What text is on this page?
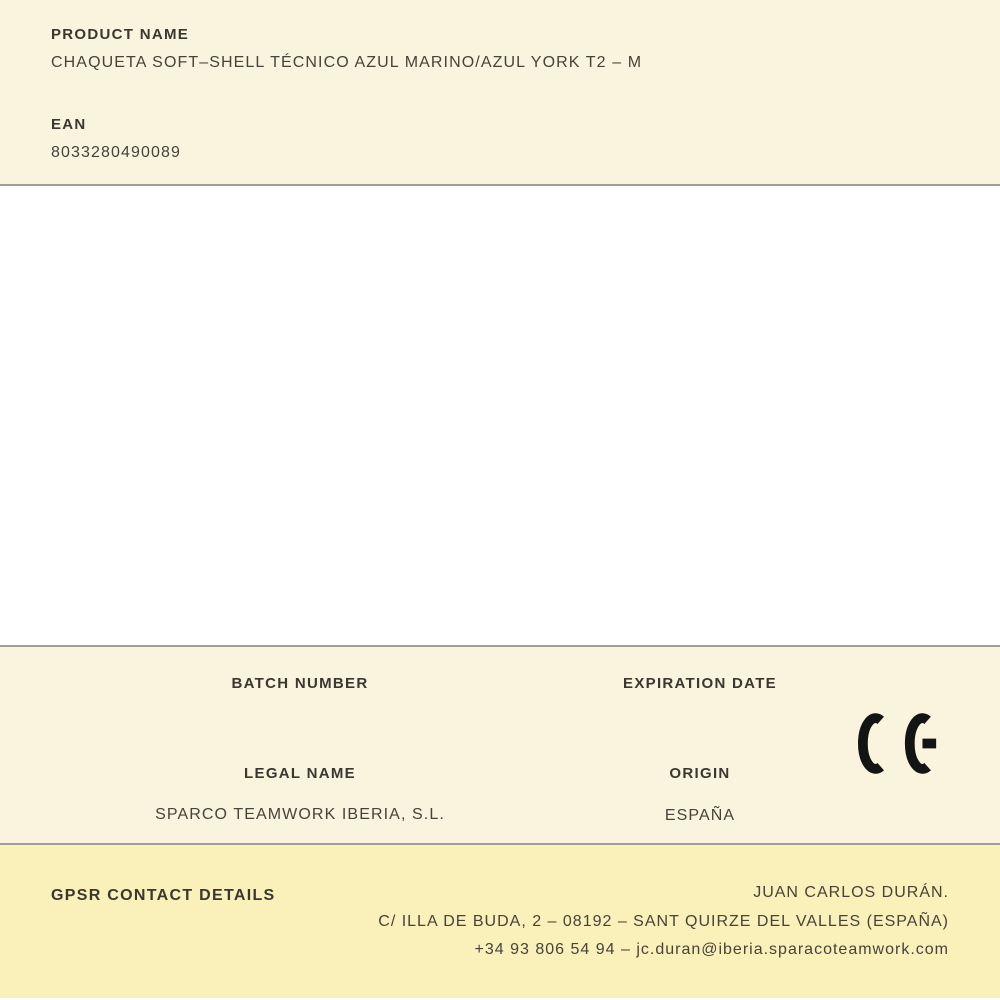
PRODUCT NAME
CHAQUETA SOFT–SHELL TÉCNICO AZUL MARINO/AZUL YORK T2 – M
EAN
8033280490089
BATCH NUMBER	EXPIRATION DATE
LEGAL NAME	ORIGIN
SPARCO TEAMWORK IBERIA, S.L.	ESPAÑA
GPSR CONTACT DETAILS	JUAN CARLOS DURÁN.
C/ ILLA DE BUDA, 2 – 08192 – SANT QUIRZE DEL VALLES (ESPAÑA)
+34 93 806 54 94 – jc.duran@iberia.sparacoteamwork.com
